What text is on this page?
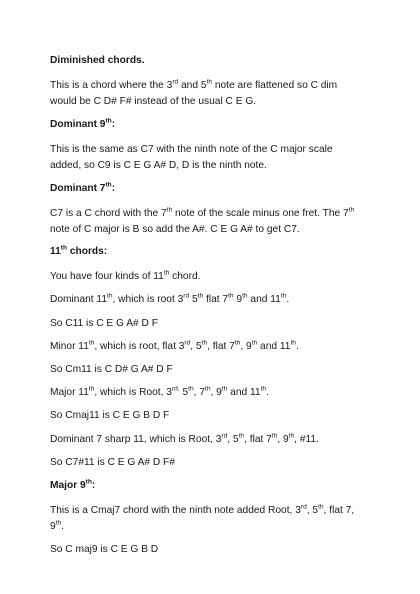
Diminished chords.
This is a chord where the 3rd and 5th note are flattened so C dim
would be C D# F# instead of the usual C E G.
Dominant 9th:
This is the same as C7 with the ninth note of the C major scale
added, so C9 is C E G A# D, D is the ninth note.
Dominant 7th:
C7 is a C chord with the 7th note of the scale minus one fret. The 7th
note of C major is B so add the A#. C E G A# to get C7.
11th chords:
You have four kinds of 11th chord.
Dominant 11th, which is root 3rd 5th flat 7th 9th and 11th.
So C11 is C E G A# D F
Minor 11th, which is root, flat 3rd, 5th, flat 7th, 9th and 11th.
So Cm11 is C D# G A# D F
Major 11th, which is Root, $3^{rd,}$ 5th, 7th, 9th and 11th.
So Cmaj11 is C E G B D F
Dominant 7 sharp 11, which is Root, 3rd, 5th, flat 7th, 9th, #11.
So C7#11 is C E G A# D F#
Major 9th:
This is a Cmaj7 chord with the ninth note added Root, 3rd, 5th, flat 7,
9th.
So C maj9 is C E G B D
